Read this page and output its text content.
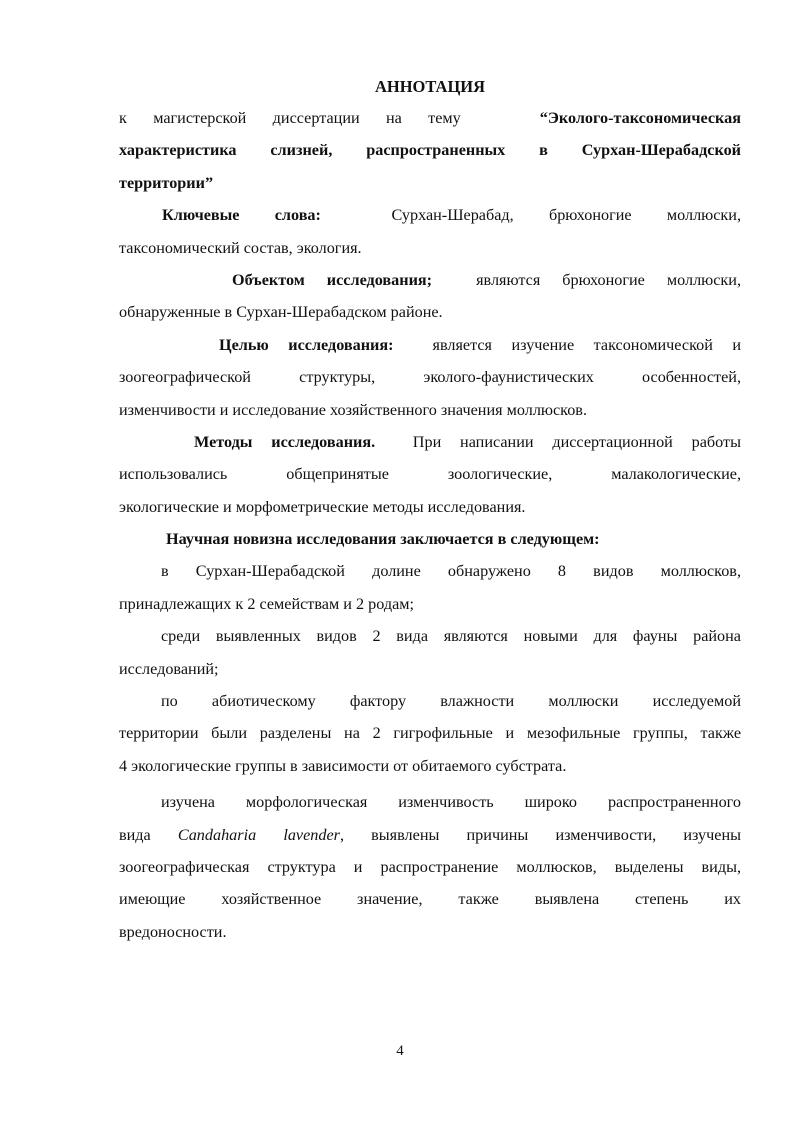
АННОТАЦИЯ
к магистерской диссертации на тему	“Эколого-таксономическая
характеристика слизней, распространенных в Сурхан-Шерабадской
территории”
Ключевые слова:	Сурхан-Шерабад, брюхоногие моллюски,
таксономический состав, экология.
Объектом исследования;	являются брюхоногие моллюски,
обнаруженные в Сурхан-Шерабадском районе.
Целью исследования: является изучение таксономической и
зоогеографической структуры, эколого-фаунистических особенностей,
изменчивости и исследование хозяйственного значения моллюсков.
Методы исследования. При написании диссертационной работы
использовались общепринятые зоологические, малакологические,
экологические и морфометрические методы исследования.
Научная новизна исследования заключается в следующем:
в Сурхан-Шерабадской долине обнаружено 8 видов моллюсков,
принадлежащих к 2 семействам и 2 родам;
среди выявленных видов 2 вида являются новыми для фауны района
исследований;
по абиотическому фактору влажности моллюски исследуемой
территории были разделены на 2 гигрофильные и мезофильные группы, также
4 экологические группы в зависимости от обитаемого субстрата.
изучена морфологическая изменчивость широко распространенного
вида Candaharia lavender, выявлены причины изменчивости, изучены
зоогеографическая структура и распространение моллюсков, выделены виды,
имеющие хозяйственное значение, также выявлена степень их
вредоносности.
4
